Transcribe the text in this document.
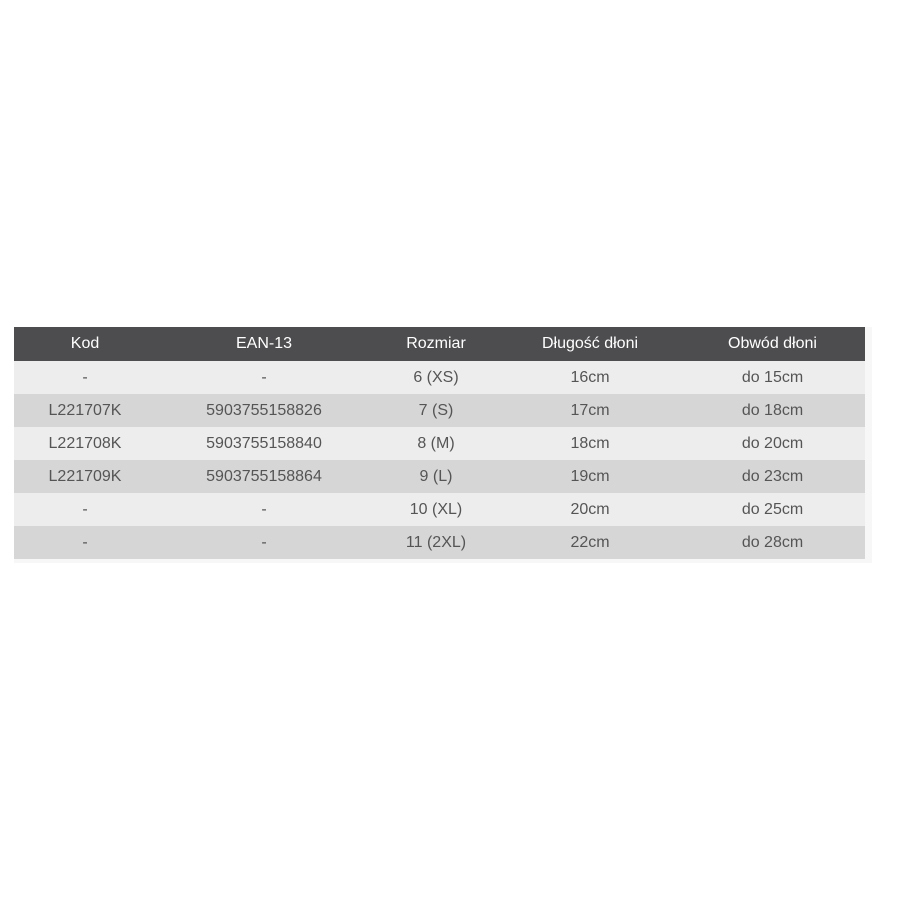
Kod	EAN-13	Rozmiar	Długość dłoni	Obwód dłoni
-	-	6 (XS)	16cm	do 15cm
L221707K	5903755158826	7 (S)	17cm	do 18cm
L221708K	5903755158840	8 (M)	18cm	do 20cm
L221709K	5903755158864	9 (L)	19cm	do 23cm
-	-	10 (XL)	20cm	do 25cm
-	-	11 (2XL)	22cm	do 28cm
